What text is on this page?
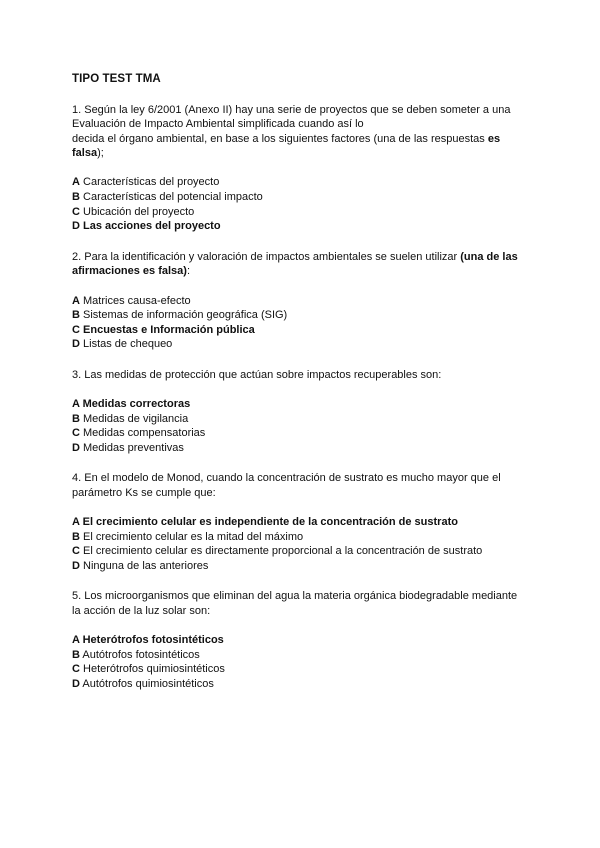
TIPO TEST TMA
1. Según la ley 6/2001 (Anexo II) hay una serie de proyectos que se deben someter a una
Evaluación de Impacto Ambiental simplificada cuando así lo
decida el órgano ambiental, en base a los siguientes factores (una de las respuestas es
falsa);
A Características del proyecto
B Características del potencial impacto
C Ubicación del proyecto
D Las acciones del proyecto
2. Para la identificación y valoración de impactos ambientales se suelen utilizar (una de las
afirmaciones es falsa):
A Matrices causa-efecto
B Sistemas de información geográfica (SIG)
C Encuestas e Información pública
D Listas de chequeo
3. Las medidas de protección que actúan sobre impactos recuperables son:
A Medidas correctoras
B Medidas de vigilancia
C Medidas compensatorias
D Medidas preventivas
4. En el modelo de Monod, cuando la concentración de sustrato es mucho mayor que el
parámetro Ks se cumple que:
A El crecimiento celular es independiente de la concentración de sustrato
B El crecimiento celular es la mitad del máximo
C El crecimiento celular es directamente proporcional a la concentración de sustrato
D Ninguna de las anteriores
5. Los microorganismos que eliminan del agua la materia orgánica biodegradable mediante
la acción de la luz solar son:
A Heterótrofos fotosintéticos
B Autótrofos fotosintéticos
C Heterótrofos quimiosintéticos
D Autótrofos quimiosintéticos
